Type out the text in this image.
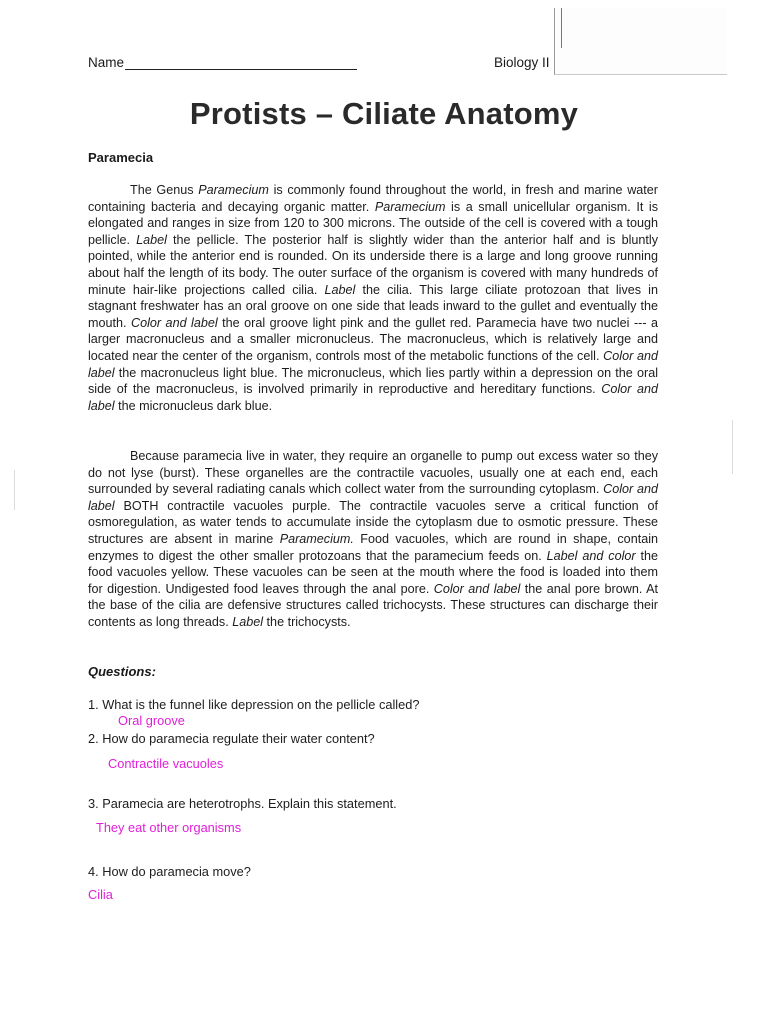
Name	Biology II
Protists – Ciliate Anatomy
Paramecia

The Genus Paramecium is commonly found throughout the world, in fresh and marine water containing bacteria and decaying organic matter. Paramecium is a small unicellular organism. It is elongated and ranges in size from 120 to 300 microns. The outside of the cell is covered with a tough pellicle. Label the pellicle. The posterior half is slightly wider than the anterior half and is bluntly pointed, while the anterior end is rounded. On its underside there is a large and long groove running about half the length of its body. The outer surface of the organism is covered with many hundreds of minute hair-like projections called cilia. Label the cilia. This large ciliate protozoan that lives in stagnant freshwater has an oral groove on one side that leads inward to the gullet and eventually the mouth. Color and label the oral groove light pink and the gullet red. Paramecia have two nuclei --- a larger macronucleus and a smaller micronucleus. The macronucleus, which is relatively large and located near the center of the organism, controls most of the metabolic functions of the cell. Color and label the macronucleus light blue. The micronucleus, which lies partly within a depression on the oral side of the macronucleus, is involved primarily in reproductive and hereditary functions. Color and label the micronucleus dark blue.

Because paramecia live in water, they require an organelle to pump out excess water so they do not lyse (burst). These organelles are the contractile vacuoles, usually one at each end, each surrounded by several radiating canals which collect water from the surrounding cytoplasm. Color and label BOTH contractile vacuoles purple. The contractile vacuoles serve a critical function of osmoregulation, as water tends to accumulate inside the cytoplasm due to osmotic pressure. These structures are absent in marine Paramecium. Food vacuoles, which are round in shape, contain enzymes to digest the other smaller protozoans that the paramecium feeds on. Label and color the food vacuoles yellow. These vacuoles can be seen at the mouth where the food is loaded into them for digestion. Undigested food leaves through the anal pore. Color and label the anal pore brown. At the base of the cilia are defensive structures called trichocysts. These structures can discharge their contents as long threads. Label the trichocysts.

Questions:
1. What is the funnel like depression on the pellicle called?
Oral groove
2. How do paramecia regulate their water content?
Contractile vacuoles
3. Paramecia are heterotrophs. Explain this statement.
They eat other organisms
4. How do paramecia move?
Cilia
